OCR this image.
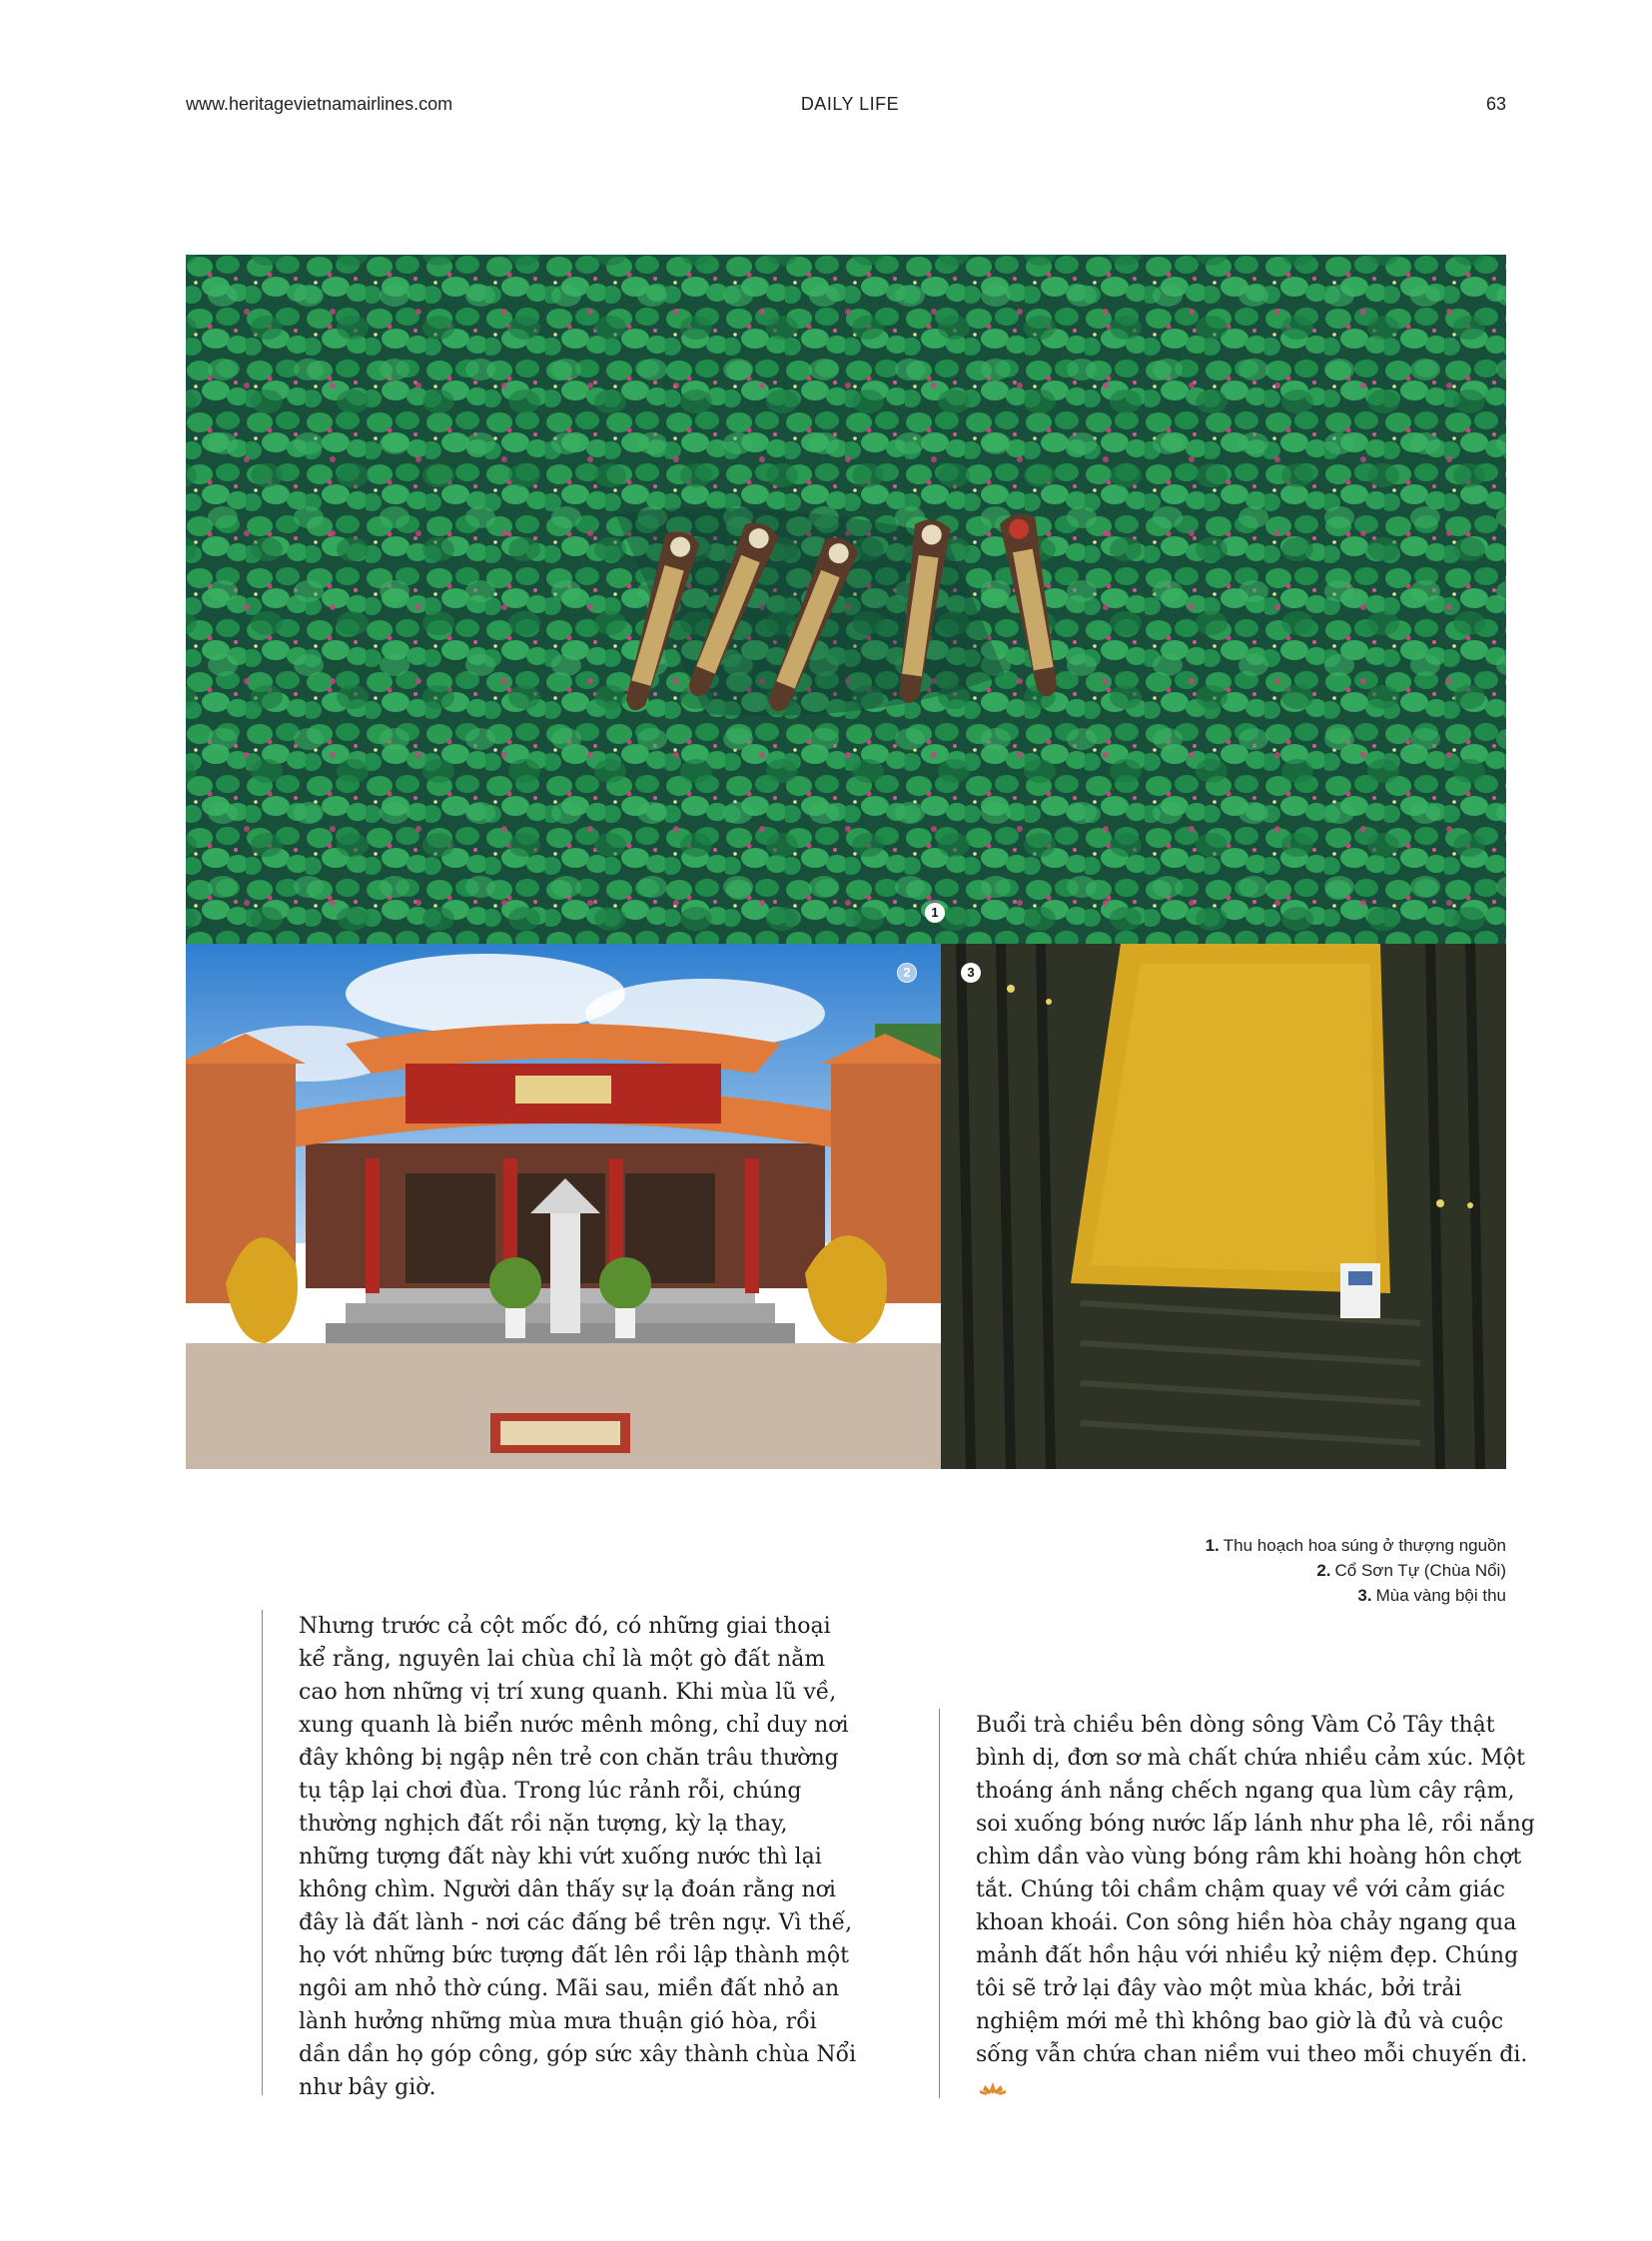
www.heritagevietnamairlines.com	DAILY LIFE	63
1
2	3
1. Thu hoạch hoa súng ở thượng nguồn
2. Cổ Sơn Tự (Chùa Nổi)
3. Mùa vàng bội thu

Nhưng trước cả cột mốc đó, có những giai thoại kể rằng, nguyên lai chùa chỉ là một gò đất nằm cao hơn những vị trí xung quanh. Khi mùa lũ về, xung quanh là biển nước mênh mông, chỉ duy nơi đây không bị ngập nên trẻ con chăn trâu thường tụ tập lại chơi đùa. Trong lúc rảnh rỗi, chúng thường nghịch đất rồi nặn tượng, kỳ lạ thay, những tượng đất này khi vứt xuống nước thì lại không chìm. Người dân thấy sự lạ đoán rằng nơi đây là đất lành - nơi các đấng bề trên ngự. Vì thế, họ vớt những bức tượng đất lên rồi lập thành một ngôi am nhỏ thờ cúng. Mãi sau, miền đất nhỏ an lành hưởng những mùa mưa thuận gió hòa, rồi dần dần họ góp công, góp sức xây thành chùa Nổi như bây giờ.

Buổi trà chiều bên dòng sông Vàm Cỏ Tây thật bình dị, đơn sơ mà chất chứa nhiều cảm xúc. Một thoáng ánh nắng chếch ngang qua lùm cây rậm, soi xuống bóng nước lấp lánh như pha lê, rồi nắng chìm dần vào vùng bóng râm khi hoàng hôn chợt tắt. Chúng tôi chầm chậm quay về với cảm giác khoan khoái. Con sông hiền hòa chảy ngang qua mảnh đất hồn hậu với nhiều kỷ niệm đẹp. Chúng tôi sẽ trở lại đây vào một mùa khác, bởi trải nghiệm mới mẻ thì không bao giờ là đủ và cuộc sống vẫn chứa chan niềm vui theo mỗi chuyến đi.
